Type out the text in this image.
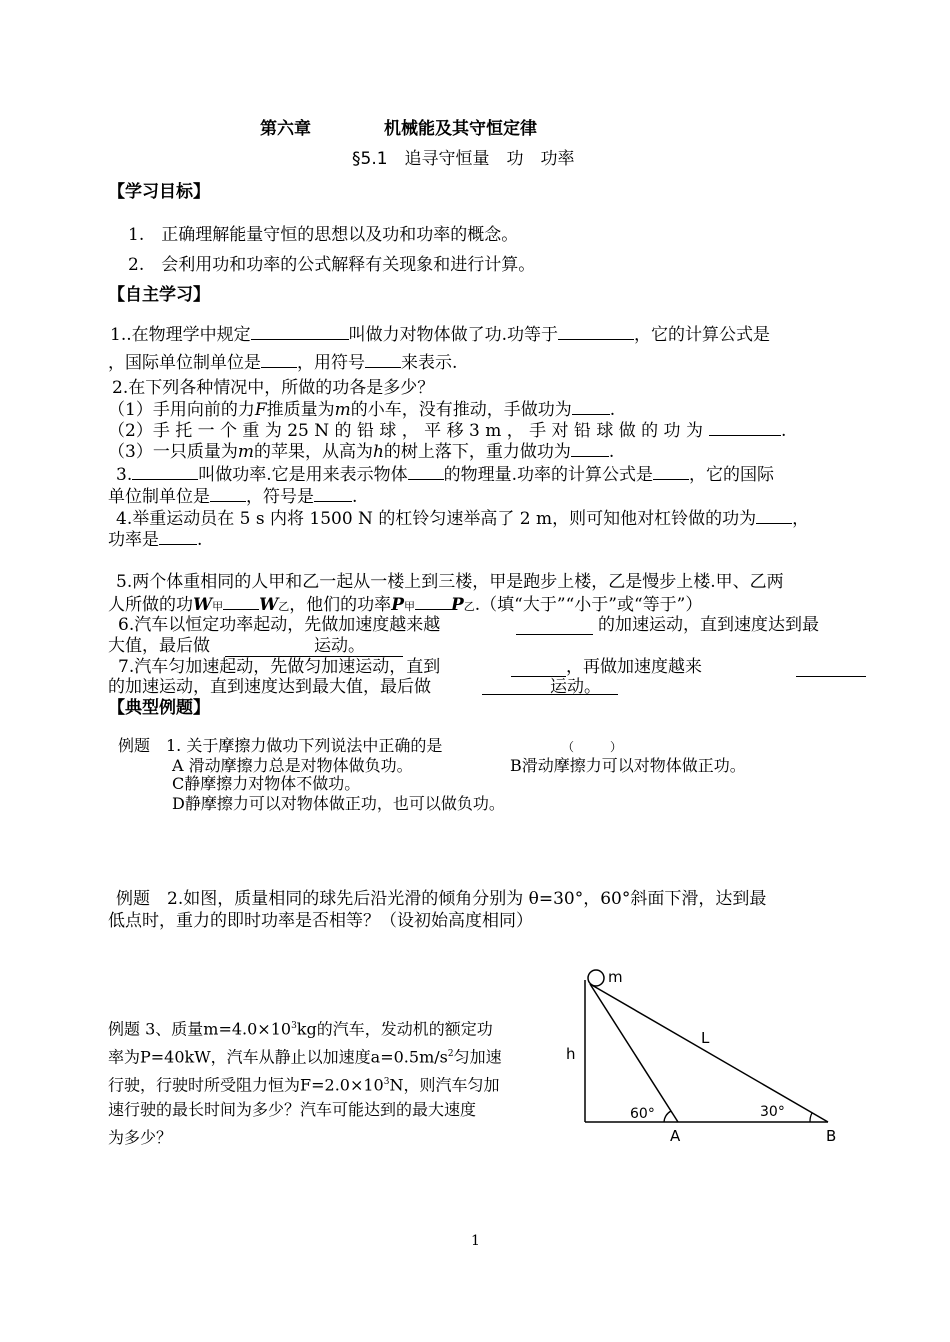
第六章	机械能及其守恒定律
§5.1　追寻守恒量　功　功率
【学习目标】
1.　正确理解能量守恒的思想以及功和功率的概念。
2.　会利用功和功率的公式解释有关现象和进行计算。
【自主学习】
1..在物理学中规定	叫做力对物体做了功.功等于	，它的计算公式是
，国际单位制单位是 ，用符号 来表示.
2.在下列各种情况中，所做的功各是多少？
（1）手用向前的力F推质量为m的小车，没有推动，手做功为 .
（2）手 托 一 个 重 为 25 N 的 铅 球 ， 平 移 3 m ， 手 对 铅 球 做 的 功 为	.
（3）一只质量为m的苹果，从高为h的树上落下，重力做功为 .
3.	叫做功率.它是用来表示物体 的物理量.功率的计算公式是 ，它的国际
单位制单位是 ，符号是 .
4.举重运动员在 5 s 内将 1500 N 的杠铃匀速举高了 2 m，则可知他对杠铃做的功为 ，
功率是 .
5.两个体重相同的人甲和乙一起从一楼上到三楼，甲是跑步上楼，乙是慢步上楼.甲、乙两
人所做的功W甲 W乙，他们的功率P甲 P乙.（填“大于”“小于”或“等于”）
6.汽车以恒定功率起动，先做加速度越来越	的加速运动，直到速度达到最
大值，最后做	运动。
7.汽车匀加速起动，先做匀加速运动，直到	，再做加速度越来
的加速运动，直到速度达到最大值，最后做	运动。
【典型例题】
例题　1. 关于摩擦力做功下列说法中正确的是	（　　　）
A 滑动摩擦力总是对物体做负功。	B滑动摩擦力可以对物体做正功。
C静摩擦力对物体不做功。
D静摩擦力可以对物体做正功，也可以做负功。
例题　2.如图，质量相同的球先后沿光滑的倾角分别为 θ=30°，60°斜面下滑，达到最
低点时，重力的即时功率是否相等？（设初始高度相同）
例题 3、质量$m=4.0\times 10^3kg$的汽车，发动机的额定功
率为P=40kW，汽车从静止以加速度$a=0.5m/s^2$匀加速
行驶，行驶时所受阻力恒为$F=2.0\times 10^3N$，则汽车匀加
速行驶的最长时间为多少？汽车可能达到的最大速度
为多少？
m
h
L
60°	30°
A	B
1
